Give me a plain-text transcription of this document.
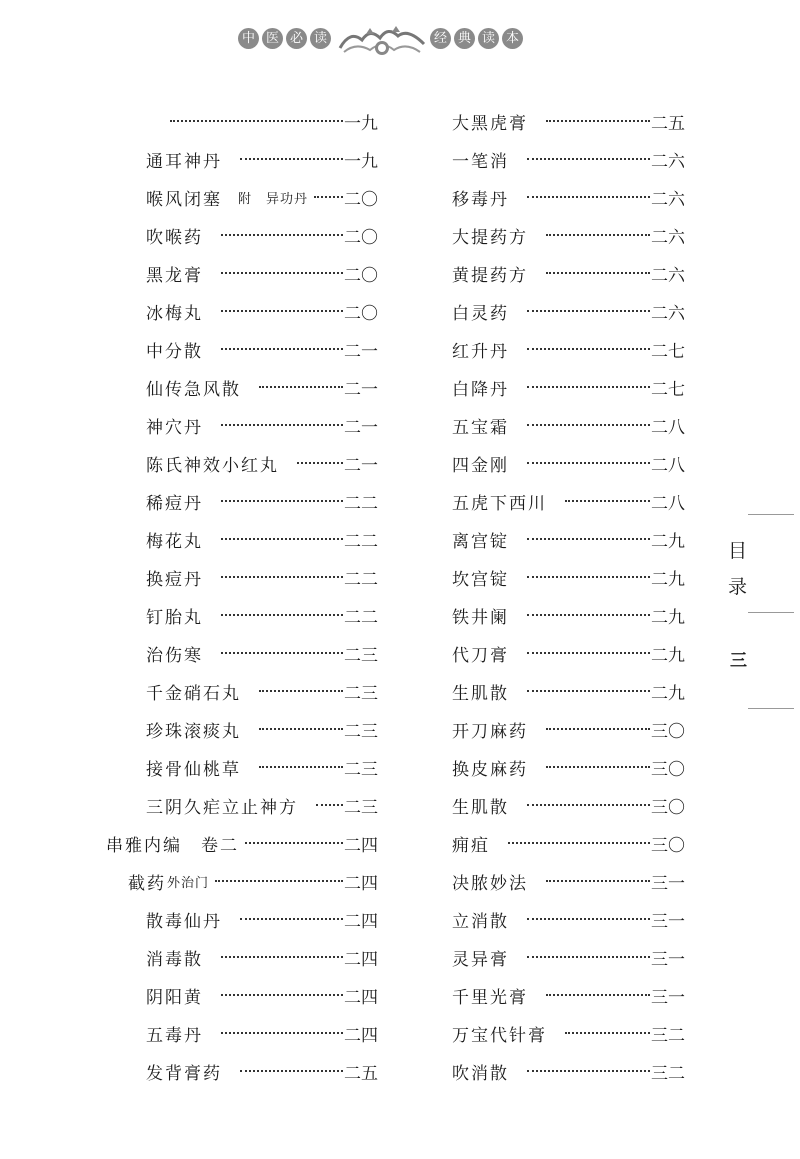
中 医 必 读	经 典 读 本
一九
通耳神丹	一九
喉风闭塞 附　异功丹 二〇
吹喉药	二〇
黑龙膏	二〇
冰梅丸	二〇
中分散	二一
仙传急风散	二一
神穴丹	二一
陈氏神效小红丸	二一
稀痘丹	二二
梅花丸	二二
换痘丹	二二
钉胎丸	二二
治伤寒	二三
千金硝石丸	二三
珍珠滚痰丸	二三
接骨仙桃草	二三
三阴久疟立止神方	二三
串雅内编　卷二	二四
截药 外治门	二四
散毒仙丹	二四
消毒散	二四
阴阳黄	二四
五毒丹	二四
发背膏药	二五
大黑虎膏	二五
一笔消	二六
移毒丹	二六
大提药方	二六
黄提药方	二六
白灵药	二六
红升丹	二七
白降丹	二七
五宝霜	二八
四金刚	二八
五虎下西川	二八
离宫锭	二九
坎宫锭	二九
铁井阑	二九
代刀膏	二九
生肌散	二九
开刀麻药	三〇
换皮麻药	三〇
生肌散	三〇
痈疽	三〇
决脓妙法	三一
立消散	三一
灵异膏	三一
千里光膏	三一
万宝代针膏	三二
吹消散	三二
目
录
三
